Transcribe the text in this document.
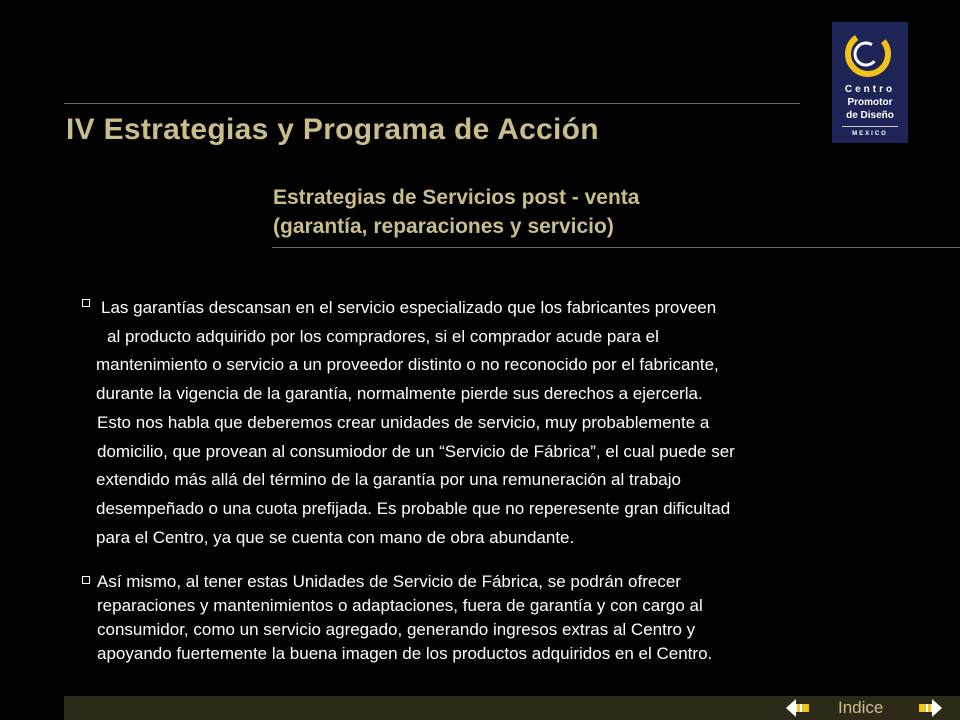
IV Estrategias y Programa de Acción
Centro
Promotor
de Diseño
MEXICO
Estrategias de Servicios post - venta
(garantía, reparaciones y servicio)
Las garantías descansan en el servicio especializado que los fabricantes proveen
al producto adquirido por los compradores, si el comprador acude para el
mantenimiento o servicio a un proveedor distinto o no reconocido por el fabricante,
durante la vigencia de la garantía, normalmente pierde sus derechos a ejercerla.
Esto nos habla que deberemos crear unidades de servicio, muy probablemente a
domicilio, que provean al consumiodor de un “Servicio de Fábrica”, el cual puede ser
extendido más allá del término de la garantía por una remuneración al trabajo
desempeñado o una cuota prefijada. Es probable que no reperesente gran dificultad
para el Centro, ya que se cuenta con mano de obra abundante.
Así mismo, al tener estas Unidades de Servicio de Fábrica, se podrán ofrecer
reparaciones y mantenimientos o adaptaciones, fuera de garantía y con cargo al
consumidor, como un servicio agregado, generando ingresos extras al Centro y
apoyando fuertemente la buena imagen de los productos adquiridos en el Centro.
Indice
